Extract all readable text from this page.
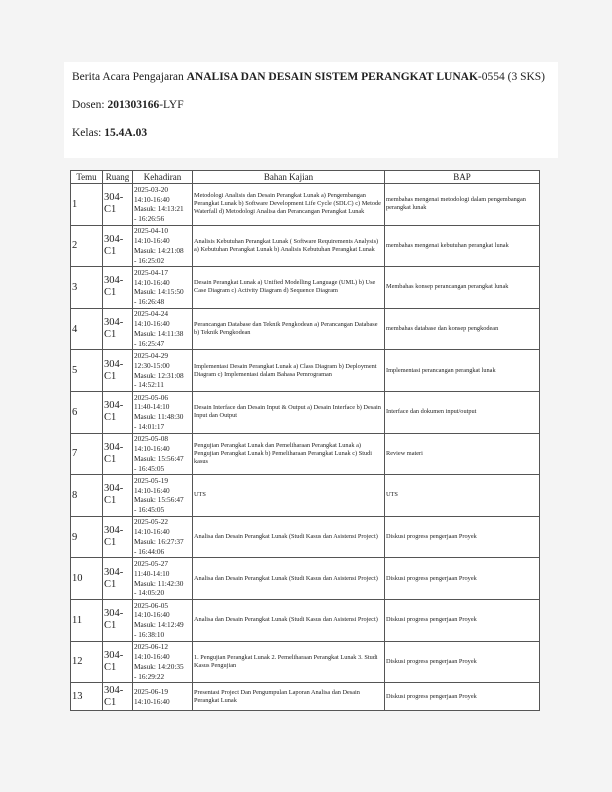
Berita Acara Pengajaran ANALISA DAN DESAIN SISTEM PERANGKAT LUNAK-0554 (3 SKS)

Dosen: 201303166-LYF

Kelas: 15.4A.03

Temu	Ruang	Kehadiran	Bahan Kajian	BAP
1	304-C1	2025-03-20
14:10-16:40
Masuk: 14:13:21
- 16:26:56	Metodologi Analisis dan Desain Perangkat Lunak a) Pengembangan Perangkat Lunak b) Software Development Life Cycle (SDLC) c) Metode Waterfall d) Metodologi Analisa dan Perancangan Perangkat Lunak	membahas mengenai metodologi dalam pengembangan perangkat lunak
2	304-C1	2025-04-10
14:10-16:40
Masuk: 14:21:08
- 16:25:02	Analisis Kebutuhan Perangkat Lunak ( Software Requirements Analysis) a) Kebutuhan Perangkat Lunak b) Analisis Kebutuhan Perangkat Lunak	membahas mengenai kebutuhan perangkat lunak
3	304-C1	2025-04-17
14:10-16:40
Masuk: 14:15:50
- 16:26:48	Desain Perangkat Lunak a) Unified Modelling Language (UML) b) Use Case Diagram c) Activity Diagram d) Sequence Diagram	Membahas konsep perancangan perangkat lunak
4	304-C1	2025-04-24
14:10-16:40
Masuk: 14:11:38
- 16:25:47	Perancangan Database dan Teknik Pengkodean a) Perancangan Database b) Teknik Pengkodean	membahas database dan konsep pengkodean
5	304-C1	2025-04-29
12:30-15:00
Masuk: 12:31:08
- 14:52:11	Implementasi Desain Perangkat Lunak a) Class Diagram b) Deployment Diagram c) Implementasi dalam Bahasa Pemrograman	Implementasi perancangan perangkat lunak
6	304-C1	2025-05-06
11:40-14:10
Masuk: 11:48:30
- 14:01:17	Desain Interface dan Desain Input & Output a) Desain Interface b) Desain Input dan Output	Interface dan dokumen input/output
7	304-C1	2025-05-08
14:10-16:40
Masuk: 15:56:47
- 16:45:05	Pengujian Perangkat Lunak dan Pemeliharaan Perangkat Lunak a) Pengujian Perangkat Lunak b) Pemeliharaan Perangkat Lunak c) Studi kasus	Review materi
8	304-C1	2025-05-19
14:10-16:40
Masuk: 15:56:47
- 16:45:05	UTS	UTS
9	304-C1	2025-05-22
14:10-16:40
Masuk: 16:27:37
- 16:44:06	Analisa dan Desain Perangkat Lunak (Studi Kasus dan Asistensi Project)	Diskusi progress pengerjaan Proyek
10	304-C1	2025-05-27
11:40-14:10
Masuk: 11:42:30
- 14:05:20	Analisa dan Desain Perangkat Lunak (Studi Kasus dan Asistensi Project)	Diskusi progress pengerjaan Proyek
11	304-C1	2025-06-05
14:10-16:40
Masuk: 14:12:49
- 16:38:10	Analisa dan Desain Perangkat Lunak (Studi Kasus dan Asistensi Project)	Diskusi progress pengerjaan Proyek
12	304-C1	2025-06-12
14:10-16:40
Masuk: 14:20:35
- 16:29:22	1. Pengujian Perangkat Lunak 2. Pemeliharaan Perangkat Lunak 3. Studi Kasus Pengujian	Diskusi progress pengerjaan Proyek
13	304-C1	2025-06-19
14:10-16:40	Presentasi Project Dan Pengumpulan Laporan Analisa dan Desain Perangkat Lunak	Diskusi progress pengerjaan Proyek
